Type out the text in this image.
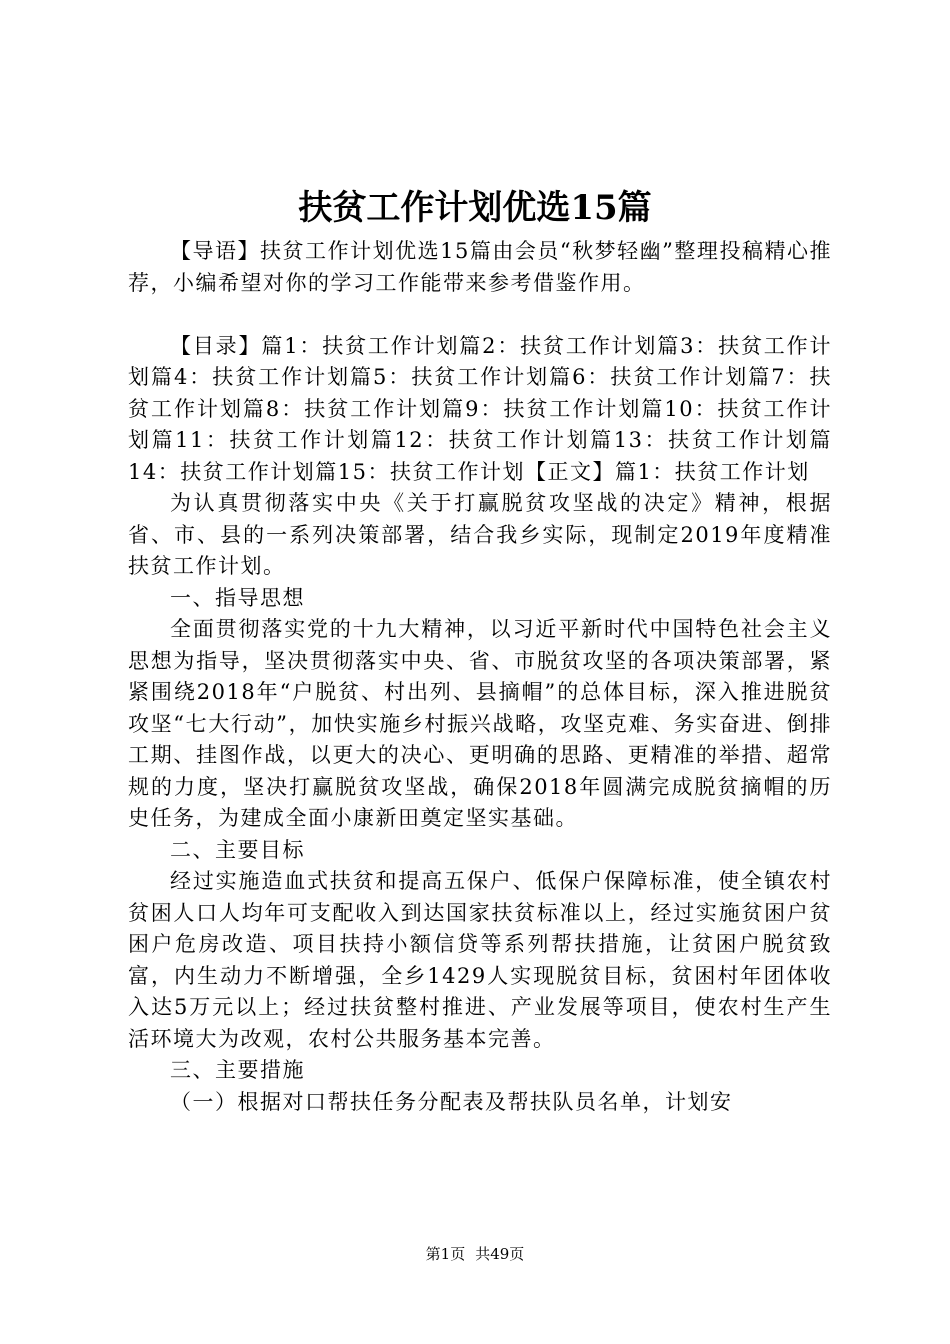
扶贫工作计划优选15篇

【导语】扶贫工作计划优选15篇由会员“秋梦轻幽”整理投稿精心推荐，小编希望对你的学习工作能带来参考借鉴作用。

【目录】篇1：扶贫工作计划篇2：扶贫工作计划篇3：扶贫工作计划篇4：扶贫工作计划篇5：扶贫工作计划篇6：扶贫工作计划篇7：扶贫工作计划篇8：扶贫工作计划篇9：扶贫工作计划篇10：扶贫工作计划篇11：扶贫工作计划篇12：扶贫工作计划篇13：扶贫工作计划篇14：扶贫工作计划篇15：扶贫工作计划【正文】篇1：扶贫工作计划

为认真贯彻落实中央《关于打赢脱贫攻坚战的决定》精神，根据省、市、县的一系列决策部署，结合我乡实际，现制定2019年度精准扶贫工作计划。

一、指导思想

全面贯彻落实党的十九大精神，以习近平新时代中国特色社会主义思想为指导，坚决贯彻落实中央、省、市脱贫攻坚的各项决策部署，紧紧围绕2018年“户脱贫、村出列、县摘帽”的总体目标，深入推进脱贫攻坚“七大行动”，加快实施乡村振兴战略，攻坚克难、务实奋进、倒排工期、挂图作战，以更大的决心、更明确的思路、更精准的举措、超常规的力度，坚决打赢脱贫攻坚战，确保2018年圆满完成脱贫摘帽的历史任务，为建成全面小康新田奠定坚实基础。

二、主要目标

经过实施造血式扶贫和提高五保户、低保户保障标准，使全镇农村贫困人口人均年可支配收入到达国家扶贫标准以上，经过实施贫困户贫困户危房改造、项目扶持小额信贷等系列帮扶措施，让贫困户脱贫致富，内生动力不断增强，全乡1429人实现脱贫目标，贫困村年团体收入达5万元以上；经过扶贫整村推进、产业发展等项目，使农村生产生活环境大为改观，农村公共服务基本完善。

三、主要措施

（一）根据对口帮扶任务分配表及帮扶队员名单，计划安

第1页 共49页
